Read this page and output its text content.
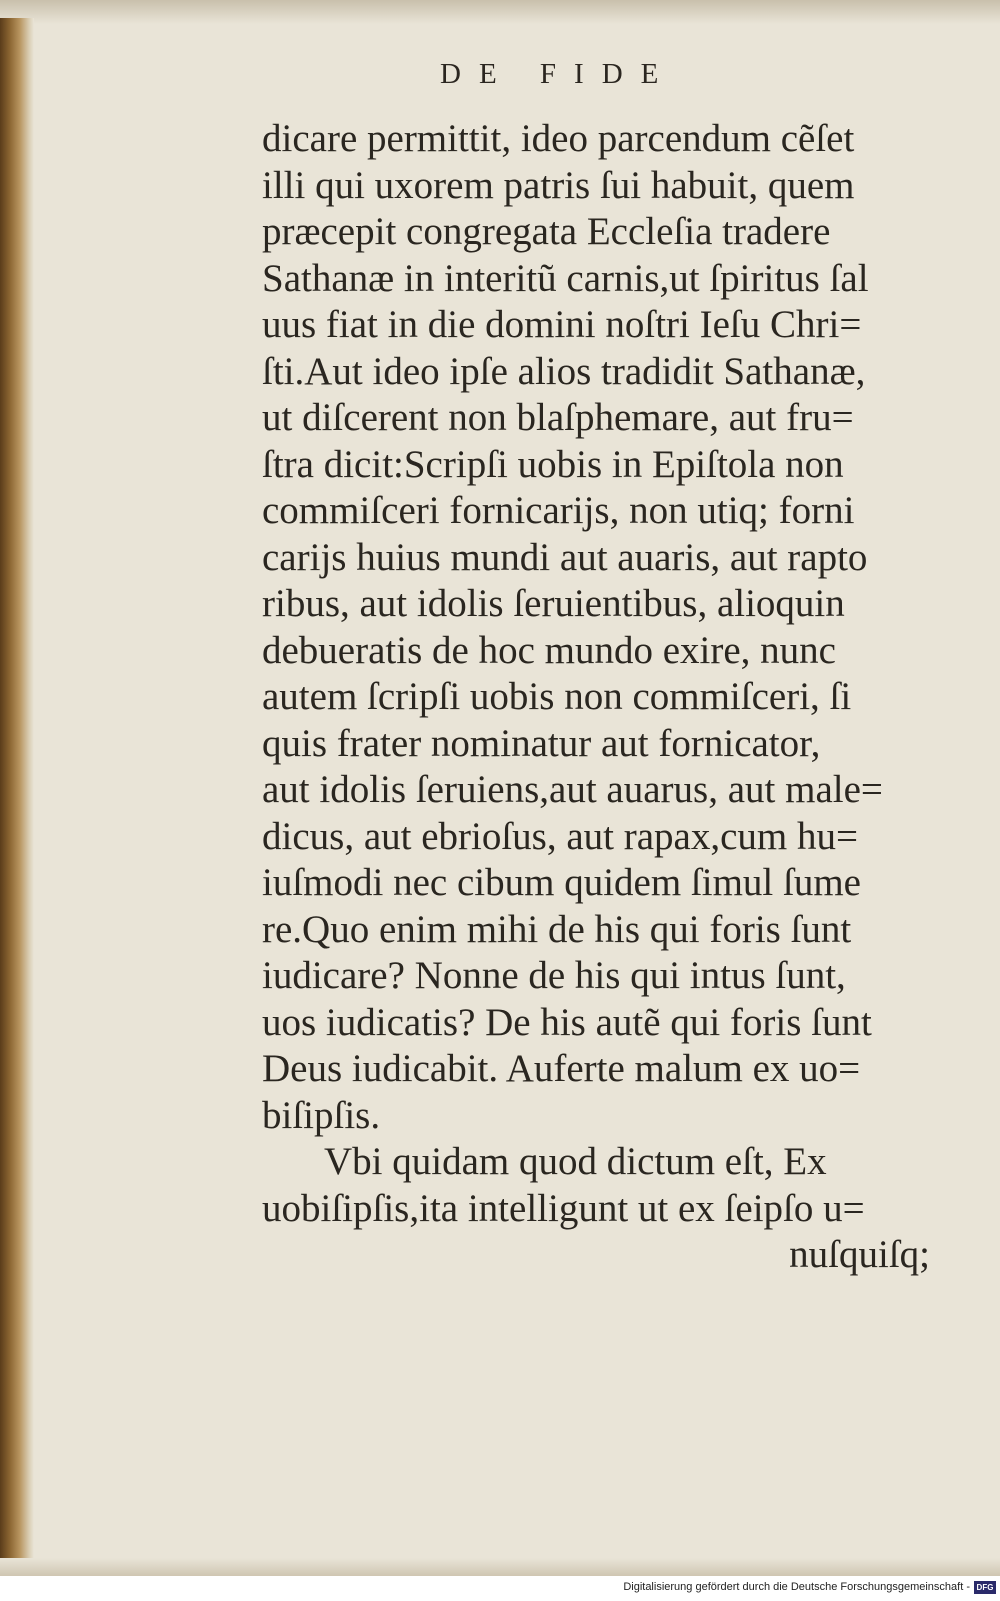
DE FIDE
dicare permittit, ideo parcendum cẽſet
illi qui uxorem patris ſui habuit, quem
præcepit congregata Eccleſia tradere
Sathanæ in interitũ carnis,ut ſpiritus ſal
uus fiat in die domini noſtri Ieſu Chri=
ſti.Aut ideo ipſe alios tradidit Sathanæ,
ut diſcerent non blaſphemare, aut fru=
ſtra dicit:Scripſi uobis in Epiſtola non
commiſceri fornicarijs, non utiq; forni
carijs huius mundi aut auaris, aut rapto
ribus, aut idolis ſeruientibus, alioquin
debueratis de hoc mundo exire, nunc
autem ſcripſi uobis non commiſceri, ſi
quis frater nominatur aut fornicator,
aut idolis ſeruiens,aut auarus, aut male=
dicus, aut ebrioſus, aut rapax,cum hu=
iuſmodi nec cibum quidem ſimul ſume
re.Quo enim mihi de his qui foris ſunt
iudicare? Nonne de his qui intus ſunt,
uos iudicatis? De his autẽ qui foris ſunt
Deus iudicabit. Auferte malum ex uo=
biſipſis.
Vbi quidam quod dictum eſt, Ex
uobiſipſis,ita intelligunt ut ex ſeipſo u=
nuſquiſq;
Digitalisierung gefördert durch die Deutsche Forschungsgemeinschaft - DFG
